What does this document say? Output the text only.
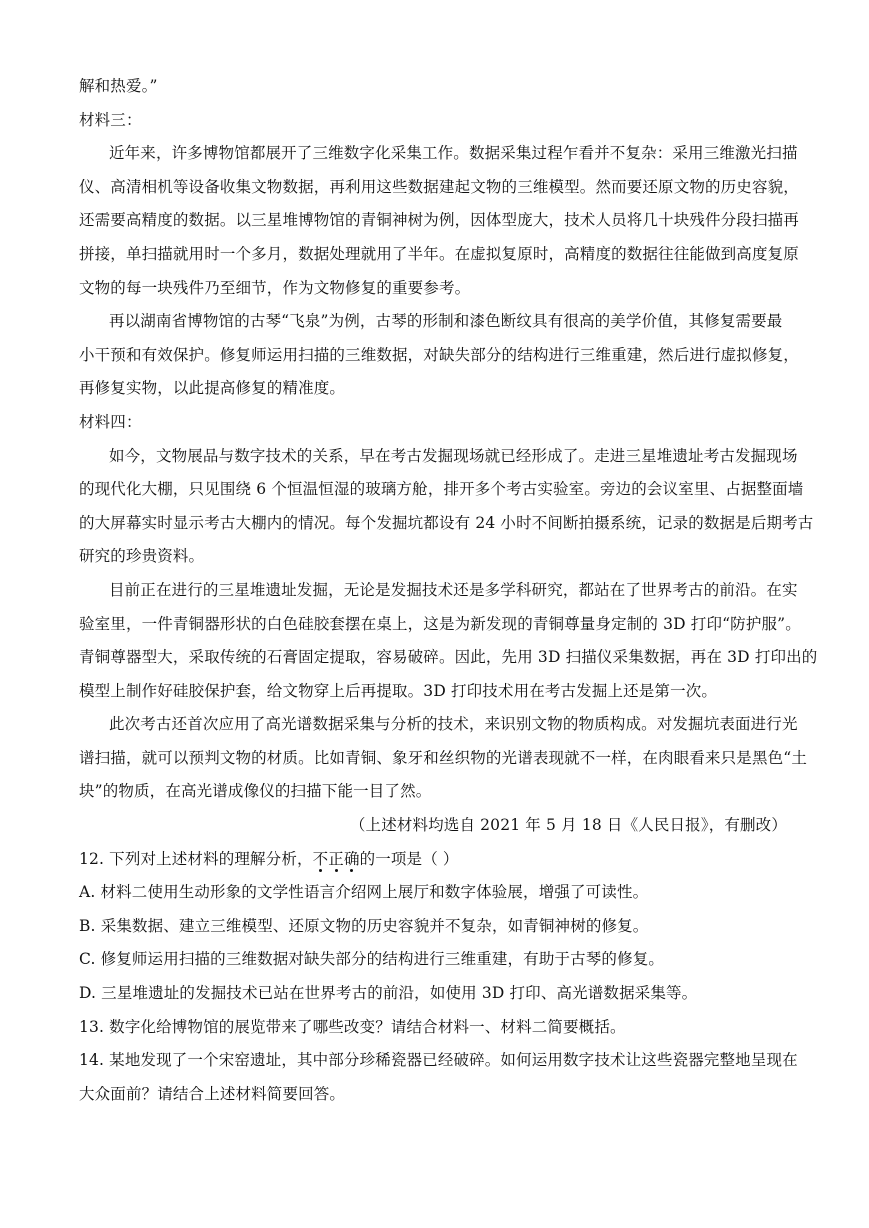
解和热爱。”
材料三：
近年来，许多博物馆都展开了三维数字化采集工作。数据采集过程乍看并不复杂：采用三维激光扫描
仪、高清相机等设备收集文物数据，再利用这些数据建起文物的三维模型。然而要还原文物的历史容貌，
还需要高精度的数据。以三星堆博物馆的青铜神树为例，因体型庞大，技术人员将几十块残件分段扫描再
拼接，单扫描就用时一个多月，数据处理就用了半年。在虚拟复原时，高精度的数据往往能做到高度复原
文物的每一块残件乃至细节，作为文物修复的重要参考。
再以湖南省博物馆的古琴“飞泉”为例，古琴的形制和漆色断纹具有很高的美学价值，其修复需要最
小干预和有效保护。修复师运用扫描的三维数据，对缺失部分的结构进行三维重建，然后进行虚拟修复，
再修复实物，以此提高修复的精准度。
材料四：
如今，文物展品与数字技术的关系，早在考古发掘现场就已经形成了。走进三星堆遗址考古发掘现场
的现代化大棚，只见围绕 6 个恒温恒湿的玻璃方舱，排开多个考古实验室。旁边的会议室里、占据整面墙
的大屏幕实时显示考古大棚内的情况。每个发掘坑都设有 24 小时不间断拍摄系统，记录的数据是后期考古
研究的珍贵资料。
目前正在进行的三星堆遗址发掘，无论是发掘技术还是多学科研究，都站在了世界考古的前沿。在实
验室里，一件青铜器形状的白色硅胶套摆在桌上，这是为新发现的青铜尊量身定制的 3D 打印“防护服”。
青铜尊器型大，采取传统的石膏固定提取，容易破碎。因此，先用 3D 扫描仪采集数据，再在 3D 打印出的
模型上制作好硅胶保护套，给文物穿上后再提取。3D 打印技术用在考古发掘上还是第一次。
此次考古还首次应用了高光谱数据采集与分析的技术，来识别文物的物质构成。对发掘坑表面进行光
谱扫描，就可以预判文物的材质。比如青铜、象牙和丝织物的光谱表现就不一样，在肉眼看来只是黑色“土
块”的物质，在高光谱成像仪的扫描下能一目了然。
（上述材料均选自 2021 年 5 月 18 日《人民日报》，有删改）
12. 下列对上述材料的理解分析，不正确的一项是（ ）
A. 材料二使用生动形象的文学性语言介绍网上展厅和数字体验展，增强了可读性。
B. 采集数据、建立三维模型、还原文物的历史容貌并不复杂，如青铜神树的修复。
C. 修复师运用扫描的三维数据对缺失部分的结构进行三维重建，有助于古琴的修复。
D. 三星堆遗址的发掘技术已站在世界考古的前沿，如使用 3D 打印、高光谱数据采集等。
13. 数字化给博物馆的展览带来了哪些改变？请结合材料一、材料二简要概括。
14. 某地发现了一个宋窑遗址，其中部分珍稀瓷器已经破碎。如何运用数字技术让这些瓷器完整地呈现在
大众面前？请结合上述材料简要回答。
